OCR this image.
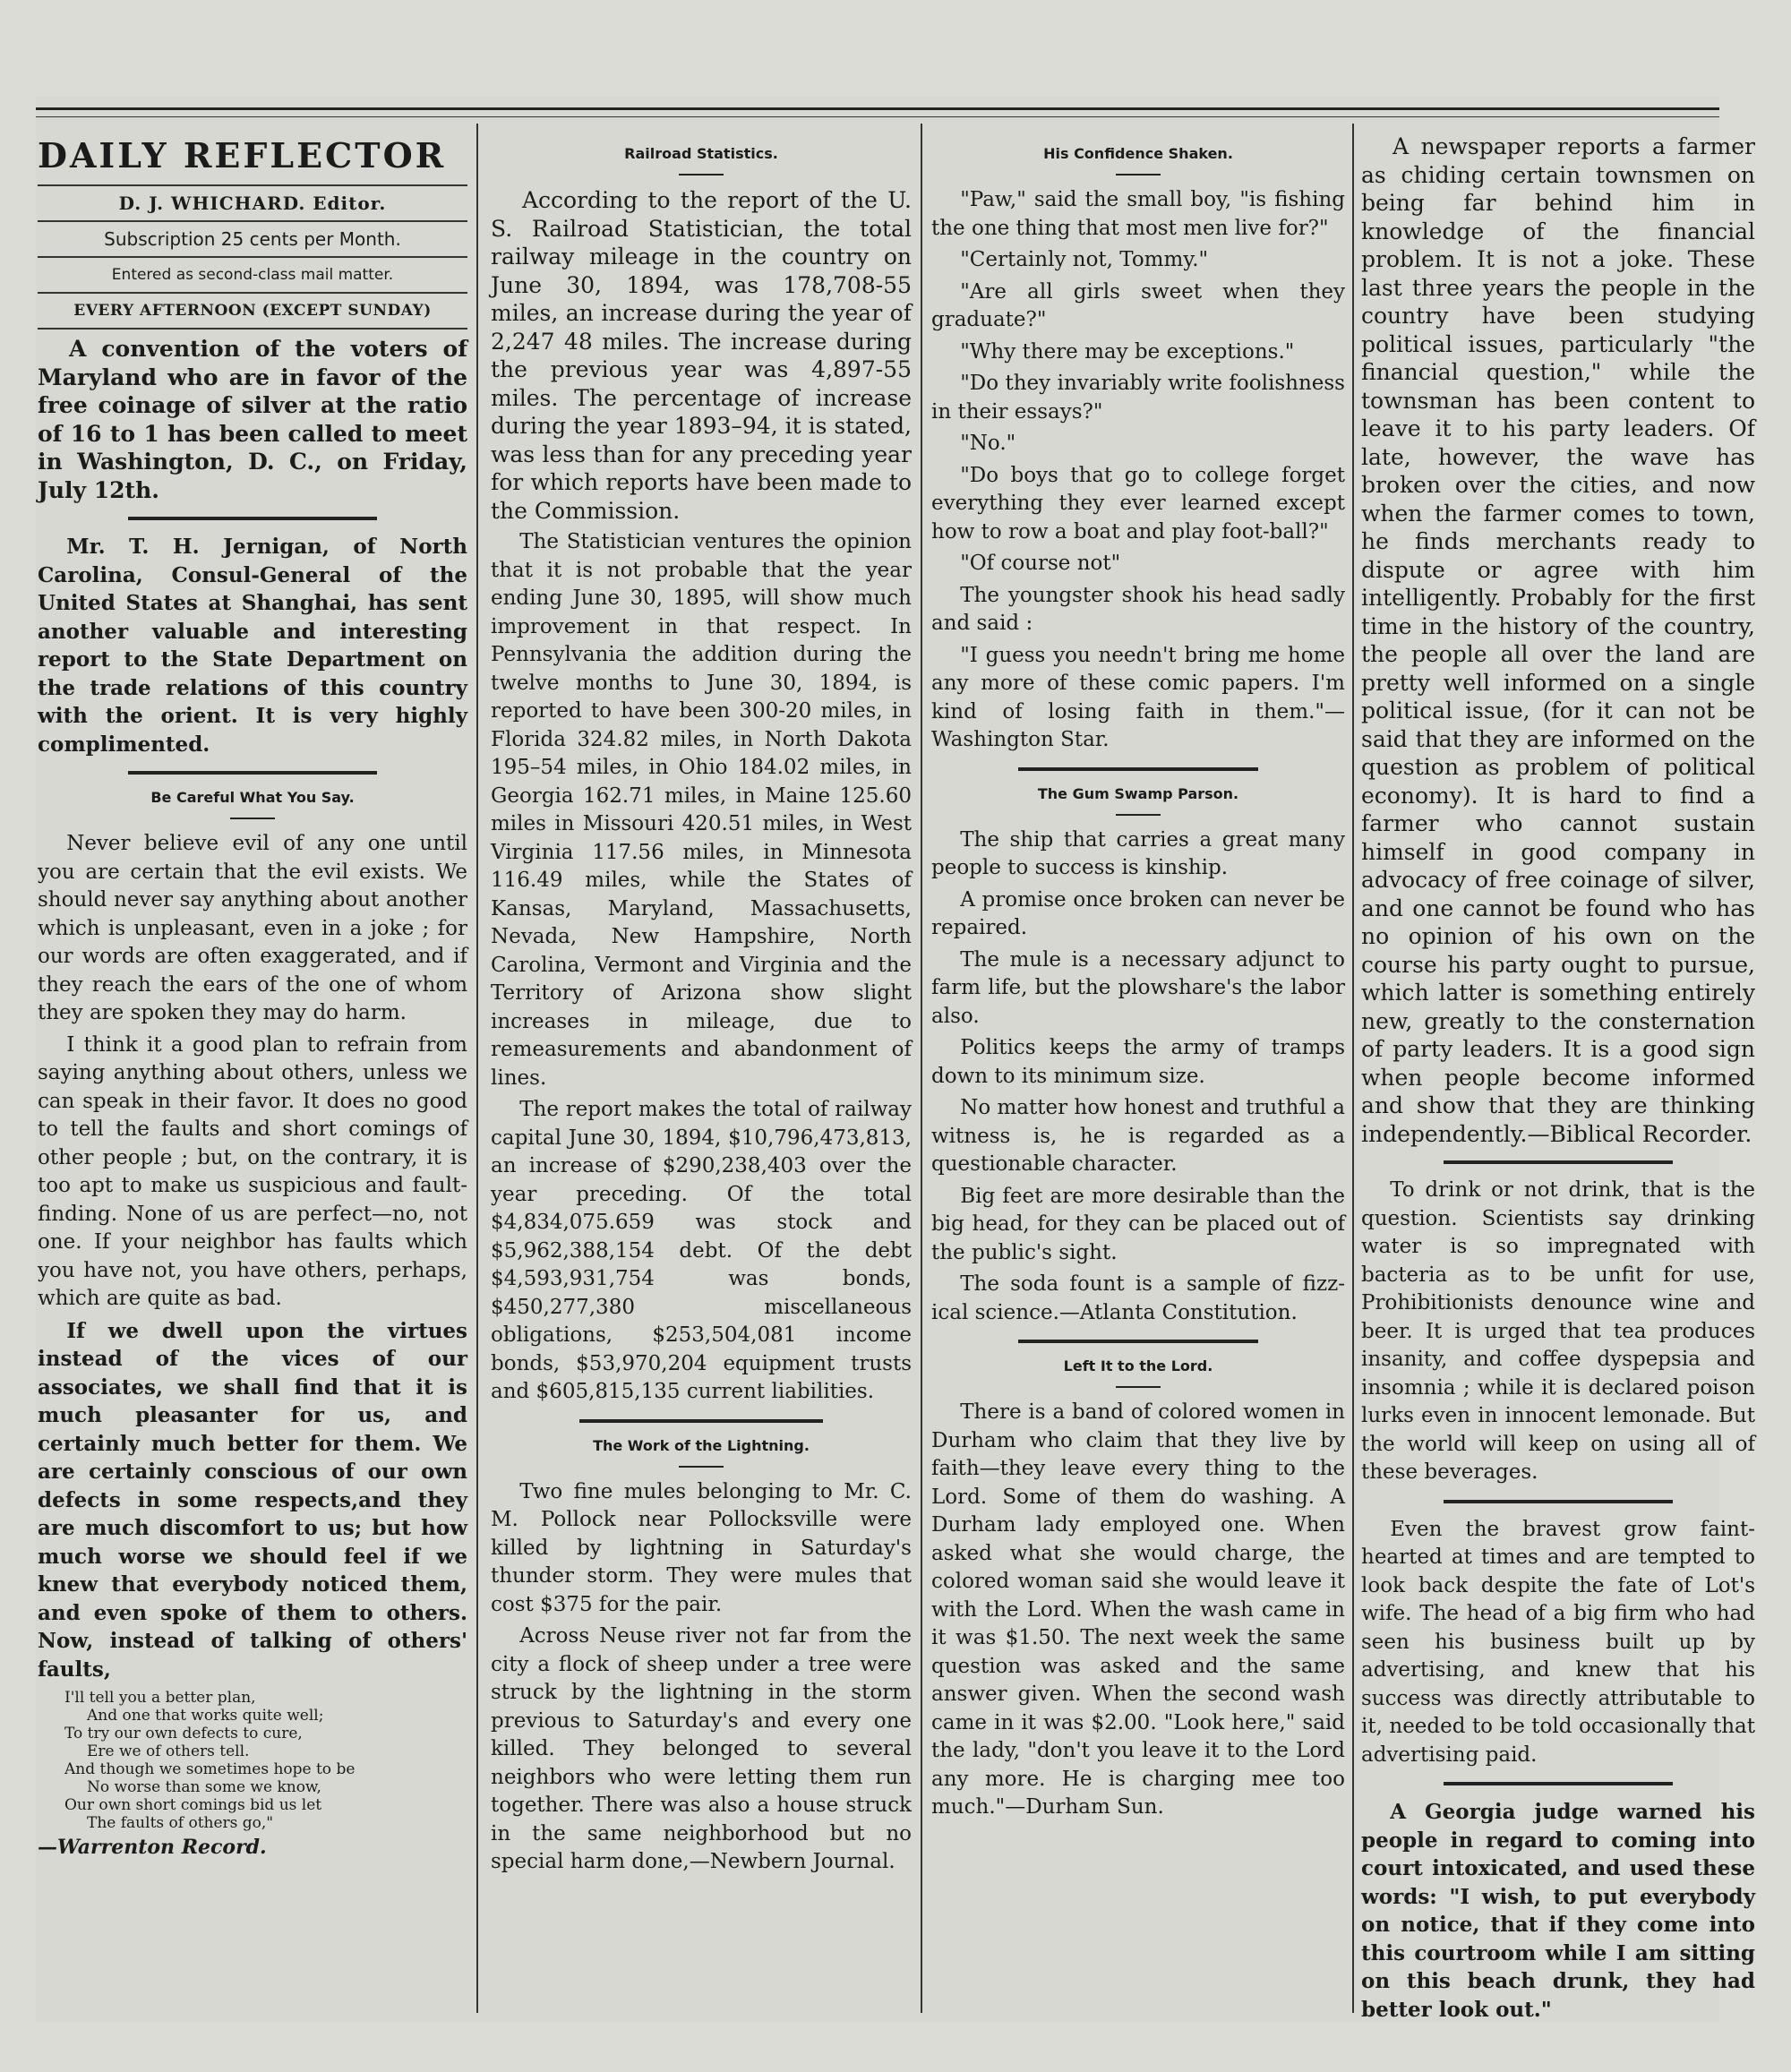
DAILY REFLECTOR
D. J. WHICHARD. Editor.
Subscription 25 cents per Month.
Entered as second-class mail matter.
EVERY AFTERNOON (EXCEPT SUNDAY)

A convention of the voters of Maryland who are in favor of the free coinage of silver at the ratio of 16 to 1 has been called to meet in Washington, D. C., on Friday, July 12th.

Mr. T. H. Jernigan, of North Carolina, Consul-General of the United States at Shanghai, has sent another valuable and interesting report to the State Department on the trade relations of this country with the orient. It is very highly complimented.

Be Careful What You Say.

Never believe evil of any one until you are certain that the evil exists. We should never say anything about another which is unpleasant, even in a joke ; for our words are often exaggerated, and if they reach the ears of the one of whom they are spoken they may do harm.

I think it a good plan to refrain from saying anything about others, unless we can speak in their favor. It does no good to tell the faults and short comings of other people ; but, on the contrary, it is too apt to make us suspicious and fault-finding. None of us are perfect—no, not one. If your neighbor has faults which you have not, you have others, perhaps, which are quite as bad.

If we dwell upon the virtues instead of the vices of our associates, we shall find that it is much pleasanter for us, and certainly much better for them. We are certainly conscious of our own defects in some respects,and they are much discomfort to us; but how much worse we should feel if we knew that everybody noticed them, and even spoke of them to others. Now, instead of talking of others' faults,

I'll tell you a better plan,
And one that works quite well;
To try our own defects to cure,
Ere we of others tell.
And though we sometimes hope to be
No worse than some we know,
Our own short comings bid us let
The faults of others go,"
—Warrenton Record.
Railroad Statistics.

According to the report of the U. S. Railroad Statistician, the total railway mileage in the country on June 30, 1894, was 178,708-55 miles, an increase during the year of 2,247 48 miles. The increase during the previous year was 4,897-55 miles. The percentage of increase during the year 1893–94, it is stated, was less than for any preceding year for which reports have been made to the Commission.

The Statistician ventures the opinion that it is not probable that the year ending June 30, 1895, will show much improvement in that respect. In Pennsylvania the addition during the twelve months to June 30, 1894, is reported to have been 300-20 miles, in Florida 324.82 miles, in North Dakota 195–54 miles, in Ohio 184.02 miles, in Georgia 162.71 miles, in Maine 125.60 miles in Missouri 420.51 miles, in West Virginia 117.56 miles, in Minnesota 116.49 miles, while the States of Kansas, Maryland, Massachusetts, Nevada, New Hampshire, North Carolina, Vermont and Virginia and the Territory of Arizona show slight increases in mileage, due to remeasurements and abandonment of lines.

The report makes the total of railway capital June 30, 1894, $10,796,473,813, an increase of $290,238,403 over the year preceding. Of the total $4,834,075.659 was stock and $5,962,388,154 debt. Of the debt $4,593,931,754 was bonds, $450,277,380 miscellaneous obligations, $253,504,081 income bonds, $53,970,204 equipment trusts and $605,815,135 current liabilities.

The Work of the Lightning.

Two fine mules belonging to Mr. C. M. Pollock near Pollocksville were killed by lightning in Saturday's thunder storm. They were mules that cost $375 for the pair.

Across Neuse river not far from the city a flock of sheep under a tree were struck by the lightning in the storm previous to Saturday's and every one killed. They belonged to several neighbors who were letting them run together. There was also a house struck in the same neighborhood but no special harm done,—Newbern Journal.

His Confidence Shaken.

"Paw," said the small boy, "is fishing the one thing that most men live for?"

"Certainly not, Tommy."

"Are all girls sweet when they graduate?"

"Why there may be exceptions."

"Do they invariably write foolishness in their essays?"

"No."

"Do boys that go to college forget everything they ever learned except how to row a boat and play foot-ball?"

"Of course not"

The youngster shook his head sadly and said :

"I guess you needn't bring me home any more of these comic papers. I'm kind of losing faith in them."—Washington Star.

The Gum Swamp Parson.

The ship that carries a great many people to success is kinship.

A promise once broken can never be repaired.

The mule is a necessary adjunct to farm life, but the plowshare's the labor also.

Politics keeps the army of tramps down to its minimum size.

No matter how honest and truthful a witness is, he is regarded as a questionable character.

Big feet are more desirable than the big head, for they can be placed out of the public's sight.

The soda fount is a sample of fizz-ical science.—Atlanta Constitution.

Left It to the Lord.

There is a band of colored women in Durham who claim that they live by faith—they leave every thing to the Lord. Some of them do washing. A Durham lady employed one. When asked what she would charge, the colored woman said she would leave it with the Lord. When the wash came in it was $1.50. The next week the same question was asked and the same answer given. When the second wash came in it was $2.00. "Look here," said the lady, "don't you leave it to the Lord any more. He is charging mee too much."—Durham Sun.

A newspaper reports a farmer as chiding certain townsmen on being far behind him in knowledge of the financial problem. It is not a joke. These last three years the people in the country have been studying political issues, particularly "the financial question," while the townsman has been content to leave it to his party leaders. Of late, however, the wave has broken over the cities, and now when the farmer comes to town, he finds merchants ready to dispute or agree with him intelligently. Probably for the first time in the history of the country, the people all over the land are pretty well informed on a single political issue, (for it can not be said that they are informed on the question as problem of political economy). It is hard to find a farmer who cannot sustain himself in good company in advocacy of free coinage of silver, and one cannot be found who has no opinion of his own on the course his party ought to pursue, which latter is something entirely new, greatly to the consternation of party leaders. It is a good sign when people become informed and show that they are thinking independently.—Biblical Recorder.

To drink or not drink, that is the question. Scientists say drinking water is so impregnated with bacteria as to be unfit for use, Prohibitionists denounce wine and beer. It is urged that tea produces insanity, and coffee dyspepsia and insomnia ; while it is declared poison lurks even in innocent lemonade. But the world will keep on using all of these beverages.

Even the bravest grow faint-hearted at times and are tempted to look back despite the fate of Lot's wife. The head of a big firm who had seen his business built up by advertising, and knew that his success was directly attributable to it, needed to be told occasionally that advertising paid.

A Georgia judge warned his people in regard to coming into court intoxicated, and used these words: "I wish, to put everybody on notice, that if they come into this courtroom while I am sitting on this beach drunk, they had better look out."
